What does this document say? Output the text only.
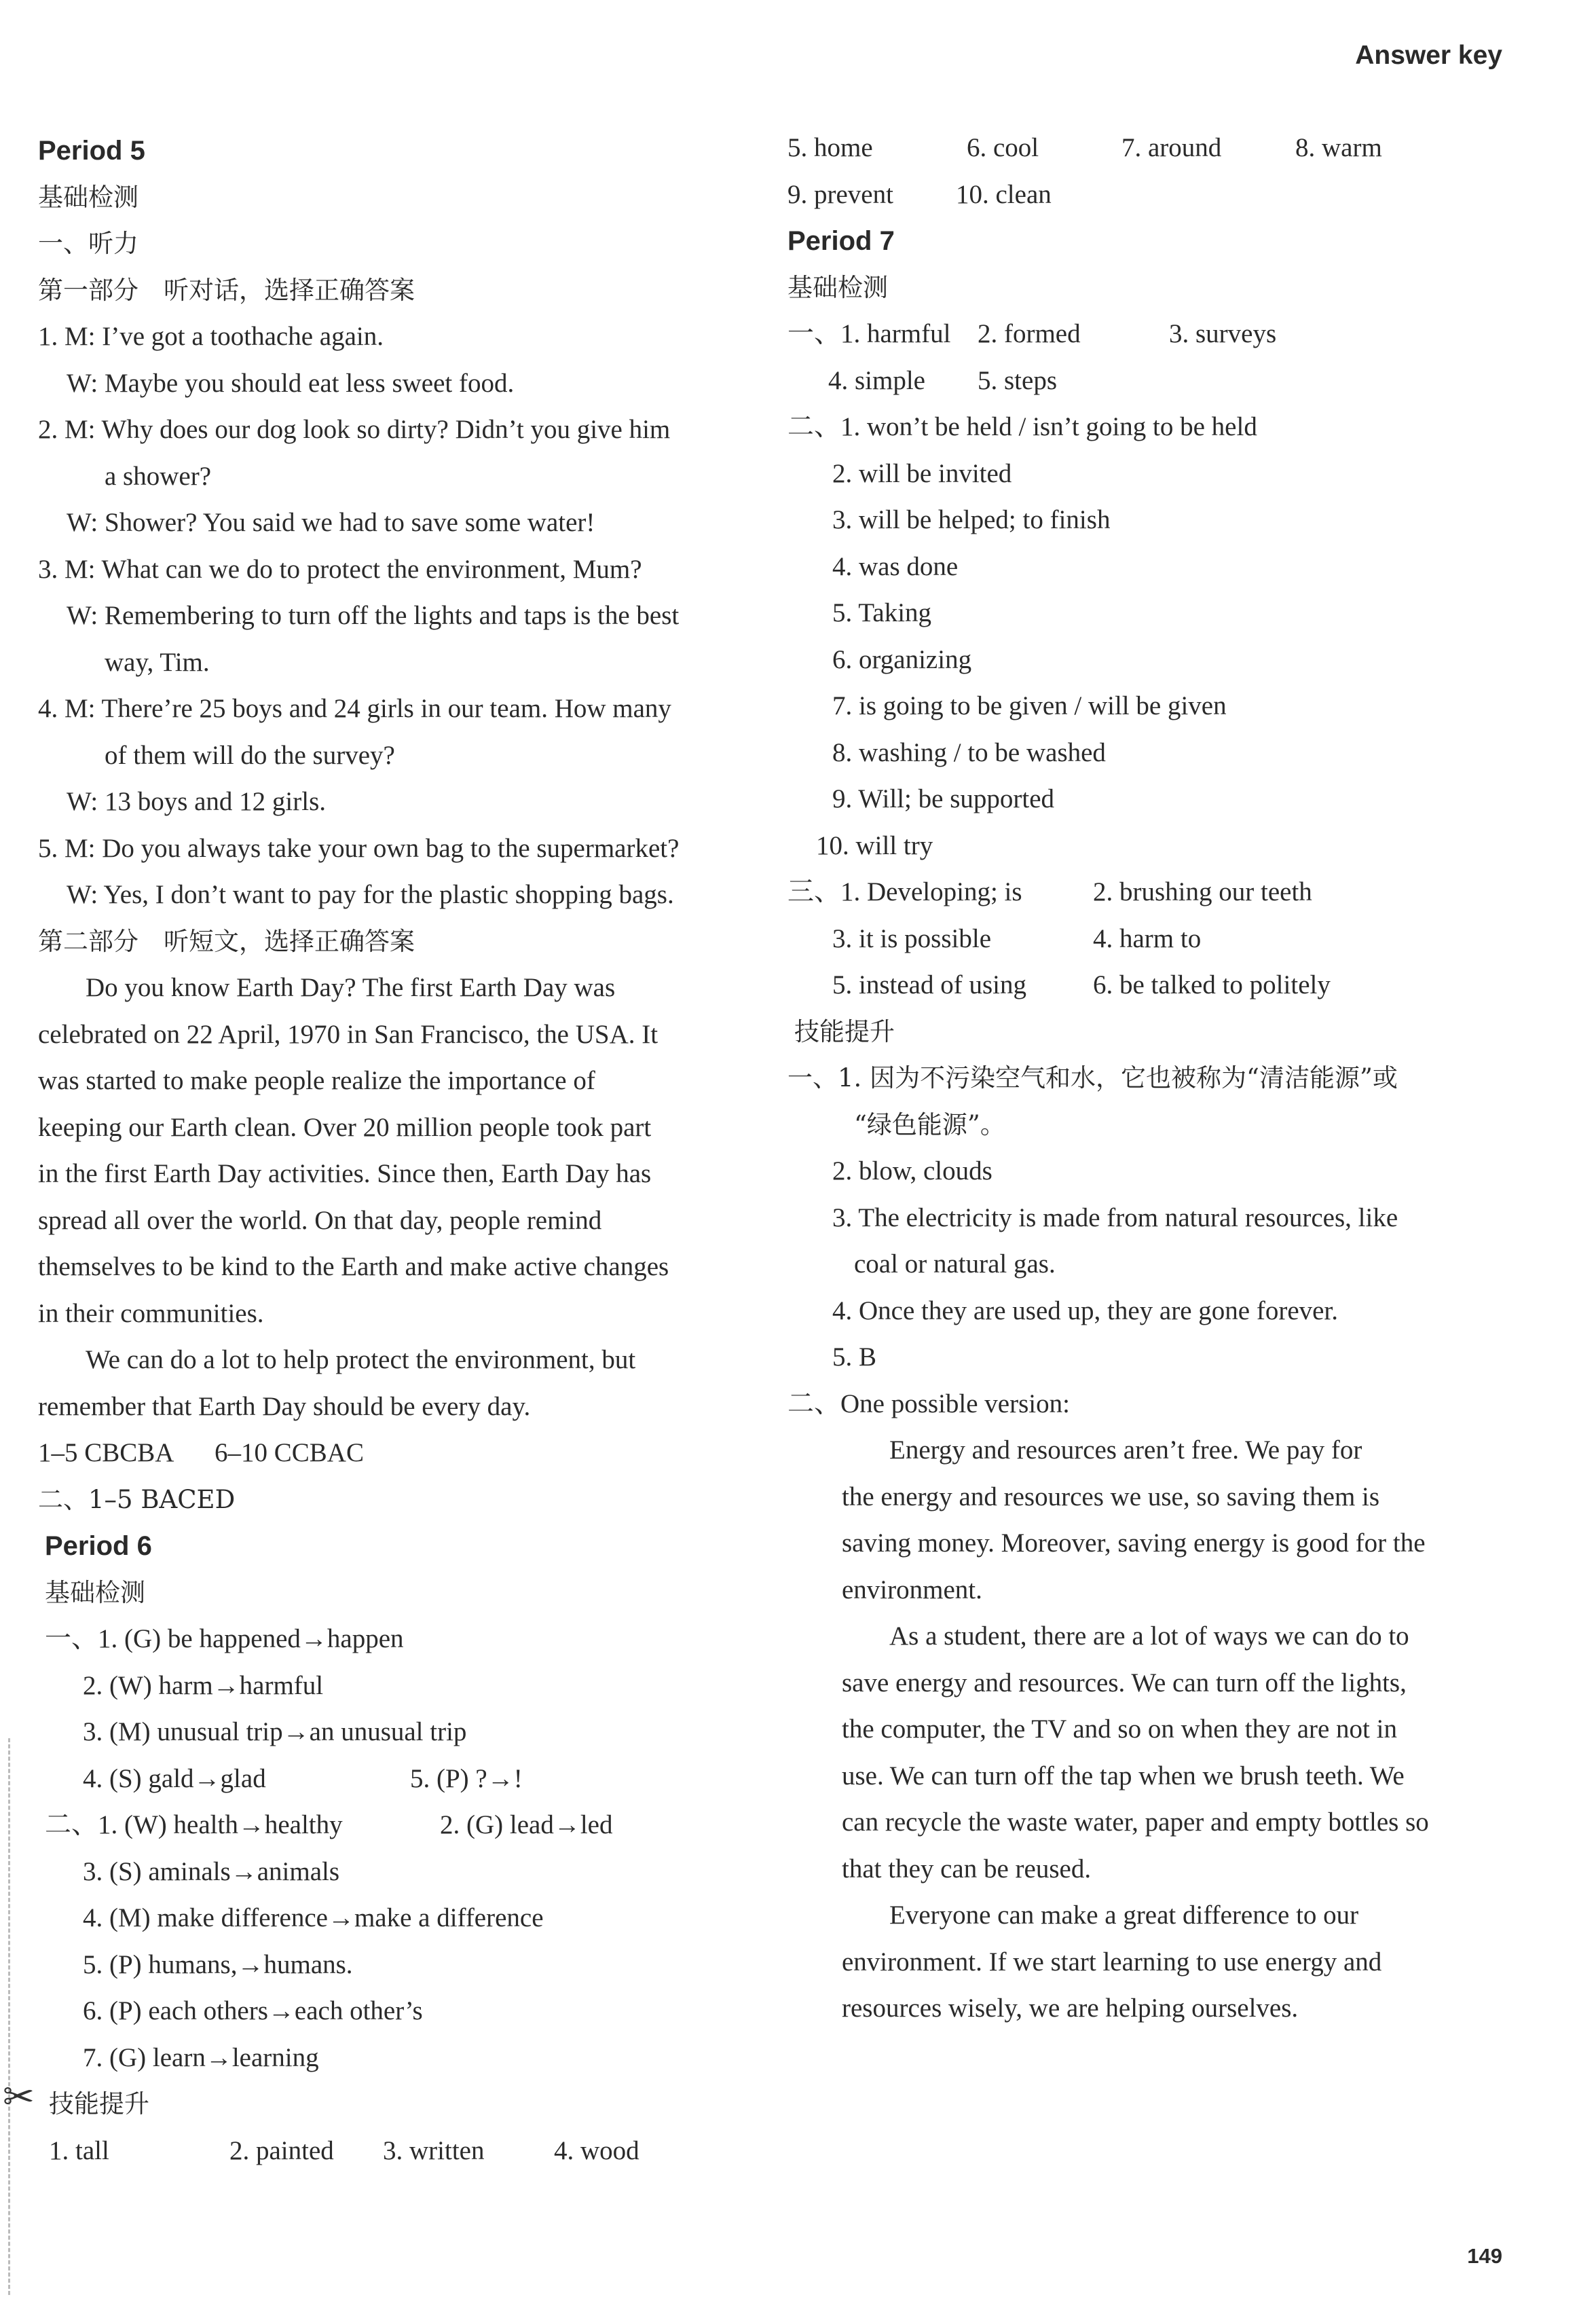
Answer key
✂
Period 5
基础检测
一、听力
第一部分　听对话，选择正确答案
1. M: I’ve got a toothache again.
W: Maybe you should eat less sweet food.
2. M: Why does our dog look so dirty? Didn’t you give him
a shower?
W: Shower? You said we had to save some water!
3. M: What can we do to protect the environment, Mum?
W: Remembering to turn off the lights and taps is the best
way, Tim.
4. M: There’re 25 boys and 24 girls in our team. How many
of them will do the survey?
W: 13 boys and 12 girls.
5. M: Do you always take your own bag to the supermarket?
W: Yes, I don’t want to pay for the plastic shopping bags.
第二部分　听短文，选择正确答案
Do you know Earth Day? The first Earth Day was
celebrated on 22 April, 1970 in San Francisco, the USA. It
was started to make people realize the importance of
keeping our Earth clean. Over 20 million people took part
in the first Earth Day activities. Since then, Earth Day has
spread all over the world. On that day, people remind
themselves to be kind to the Earth and make active changes
in their communities.
We can do a lot to help protect the environment, but
remember that Earth Day should be every day.
1–5 CBCBA 6–10 CCBAC
二、1–5 BACED
Period 6
基础检测
一、1. (G) be happened→happen
2. (W) harm→harmful
3. (M) unusual trip→an unusual trip
4. (S) gald→glad	5. (P) ?→!
二、1. (W) health→healthy	2. (G) lead→led
3. (S) aminals→animals
4. (M) make difference→make a difference
5. (P) humans,→humans.
6. (P) each others→each other’s
7. (G) learn→learning
技能提升
1. tall	2. painted 3. written	4. wood
5. home	6. cool	7. around	8. warm
9. prevent 10. clean
Period 7
基础检测
一、1. harmful 2. formed	3. surveys
4. simple 5. steps
二、1. won’t be held / isn’t going to be held
2. will be invited
3. will be helped; to finish
4. was done
5. Taking
6. organizing
7. is going to be given / will be given
8. washing / to be washed
9. Will; be supported
10. will try
三、1. Developing; is	2. brushing our teeth
3. it is possible	4. harm to
5. instead of using	6. be talked to politely
技能提升
一、1. 因为不污染空气和水，它也被称为“清洁能源”或
“绿色能源”。
2. blow, clouds
3. The electricity is made from natural resources, like
coal or natural gas.
4. Once they are used up, they are gone forever.
5. B
二、One possible version:
Energy and resources aren’t free. We pay for
the energy and resources we use, so saving them is
saving money. Moreover, saving energy is good for the
environment.
As a student, there are a lot of ways we can do to
save energy and resources. We can turn off the lights,
the computer, the TV and so on when they are not in
use. We can turn off the tap when we brush teeth. We
can recycle the waste water, paper and empty bottles so
that they can be reused.
Everyone can make a great difference to our
environment. If we start learning to use energy and
resources wisely, we are helping ourselves.
149
